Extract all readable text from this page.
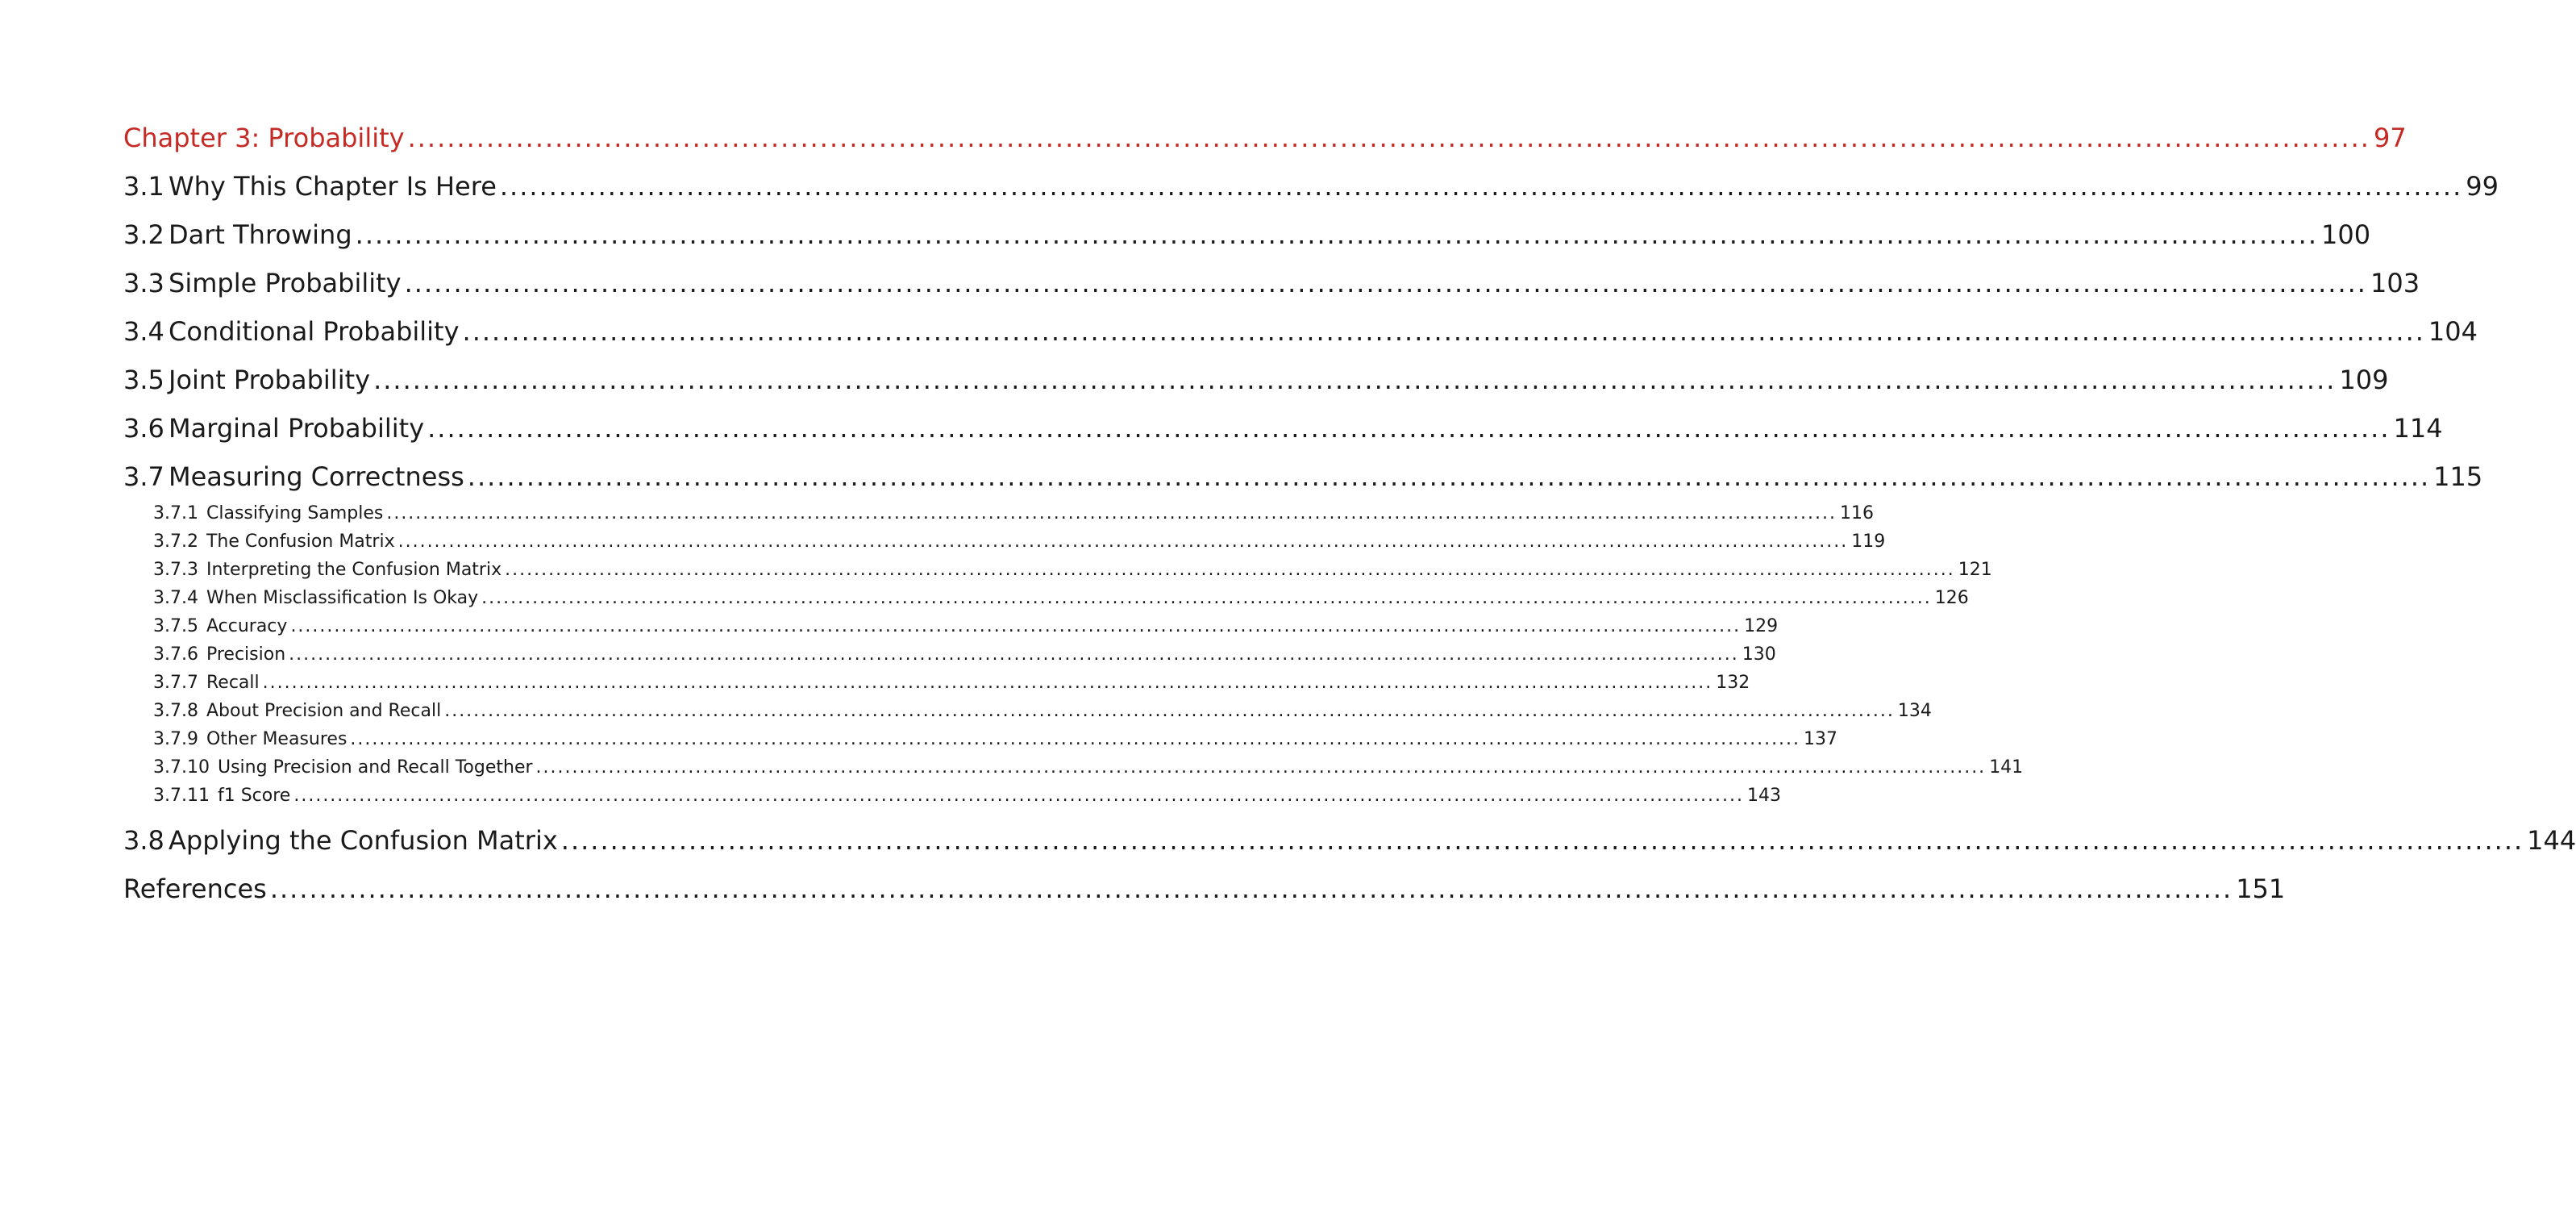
Chapter 3: Probability .....	97
3.1 Why This Chapter Is Here .....	99
3.2 Dart Throwing .....	100
3.3 Simple Probability .....	103
3.4 Conditional Probability .....	104
3.5 Joint Probability .....	109
3.6 Marginal Probability .....	114
3.7 Measuring Correctness .....	115
3.7.1 Classifying Samples .....	116
3.7.2 The Confusion Matrix .....	119
3.7.3 Interpreting the Confusion Matrix .....	121
3.7.4 When Misclassification Is Okay .....	126
3.7.5 Accuracy .....	129
3.7.6 Precision .....	130
3.7.7 Recall .....	132
3.7.8 About Precision and Recall .....	134
3.7.9 Other Measures .....	137
3.7.10 Using Precision and Recall Together .....	141
3.7.11 f1 Score .....	143
3.8 Applying the Confusion Matrix .....	144
References .....	151
